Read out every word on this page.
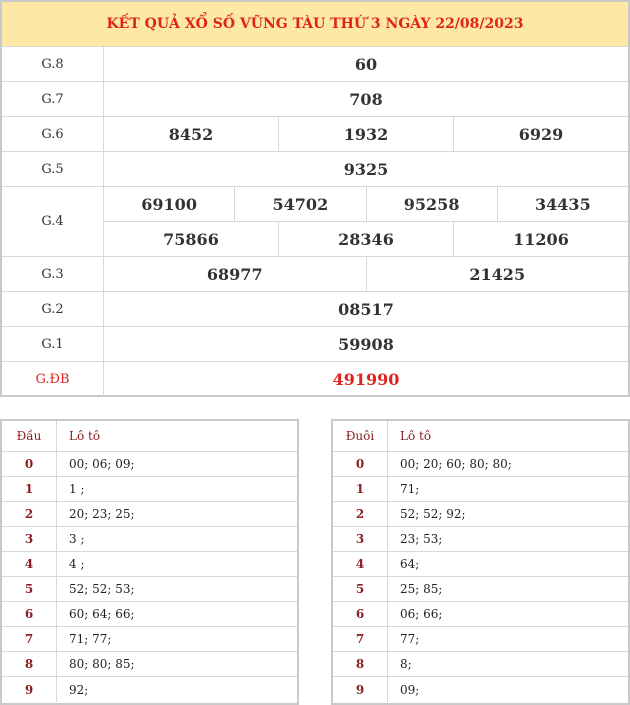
KẾT QUẢ XỔ SỐ VŨNG TÀU THỨ 3 NGÀY 22/08/2023
G.8	60
G.7	708
G.6	8452	1932	6929
G.5	9325
G.4
69100	54702	95258	34435
75866	28346	11206
G.3	68977	21425
G.2	08517
G.1	59908
G.ĐB	491990
Đầu	Lô tô
0	00; 06; 09;
1	1 ;
2	20; 23; 25;
3	3 ;
4	4 ;
5	52; 52; 53;
6	60; 64; 66;
7	71; 77;
8	80; 80; 85;
9	92;
Đuôi	Lô tô
0	00; 20; 60; 80; 80;
1	71;
2	52; 52; 92;
3	23; 53;
4	64;
5	25; 85;
6	06; 66;
7	77;
8	8;
9	09;
